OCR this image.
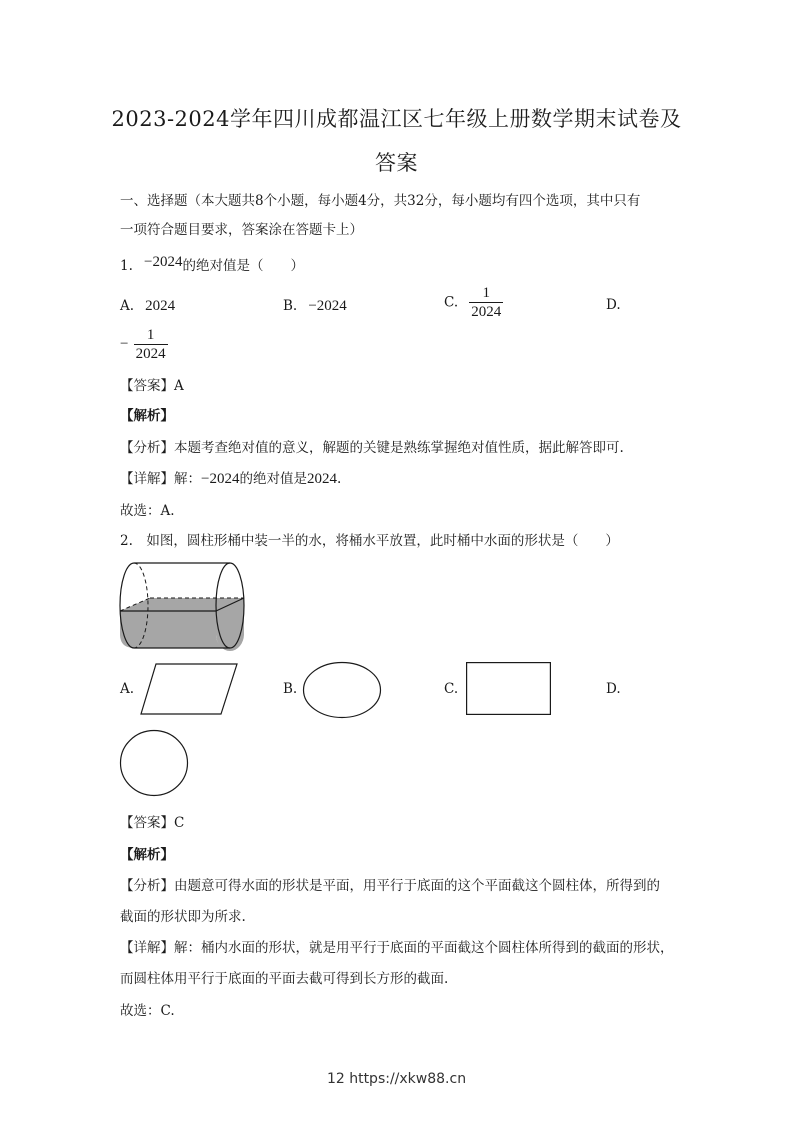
2023-2024学年四川成都温江区七年级上册数学期末试卷及
答案
一、选择题（本大题共8个小题，每小题4分，共32分，每小题均有四个选项，其中只有
一项符合题目要求，答案涂在答题卡上）
1. −2024的绝对值是（　　）
A. 2024	B. −2024	C. $\frac{1}{2024}$	D.
− $\frac{1}{2024}$
【答案】A
【解析】
【分析】本题考查绝对值的意义，解题的关键是熟练掌握绝对值性质，据此解答即可.
【详解】解：−2024的绝对值是2024.
故选：A.
2.　如图，圆柱形桶中装一半的水，将桶水平放置，此时桶中水面的形状是（　　）
A.	B.	C.	D.
【答案】C
【解析】
【分析】由题意可得水面的形状是平面，用平行于底面的这个平面截这个圆柱体，所得到的
截面的形状即为所求.
【详解】解：桶内水面的形状，就是用平行于底面的平面截这个圆柱体所得到的截面的形状，
而圆柱体用平行于底面的平面去截可得到长方形的截面.
故选：C.
12 https://xkw88.cn
